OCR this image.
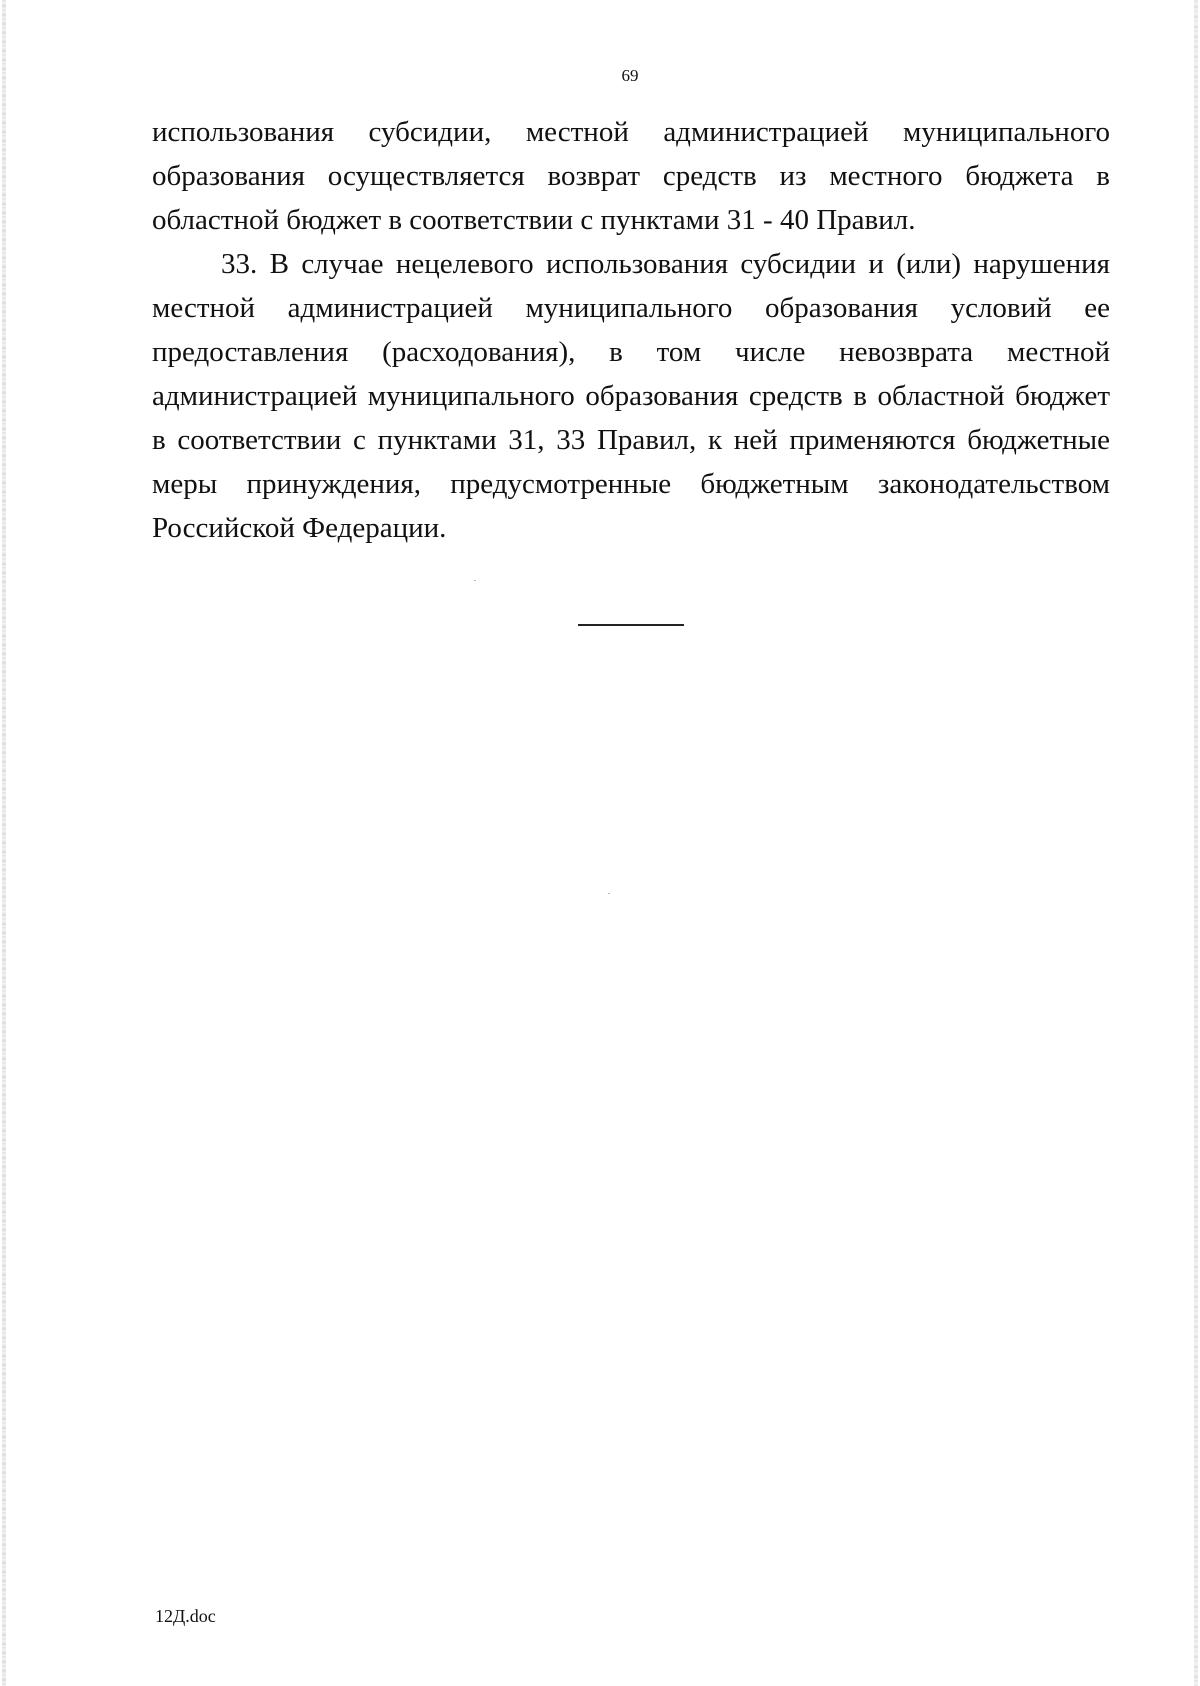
69

использования субсидии, местной администрацией муниципального образования осуществляется возврат средств из местного бюджета в областной бюджет в соответствии с пунктами 31 - 40 Правил.

33. В случае нецелевого использования субсидии и (или) нарушения местной администрацией муниципального образования условий ее предоставления (расходования), в том числе невозврата местной администрацией муниципального образования средств в областной бюджет в соответствии с пунктами 31, 33 Правил, к ней применяются бюджетные меры принуждения, предусмотренные бюджетным законодательством Российской Федерации.

12Д.doc
